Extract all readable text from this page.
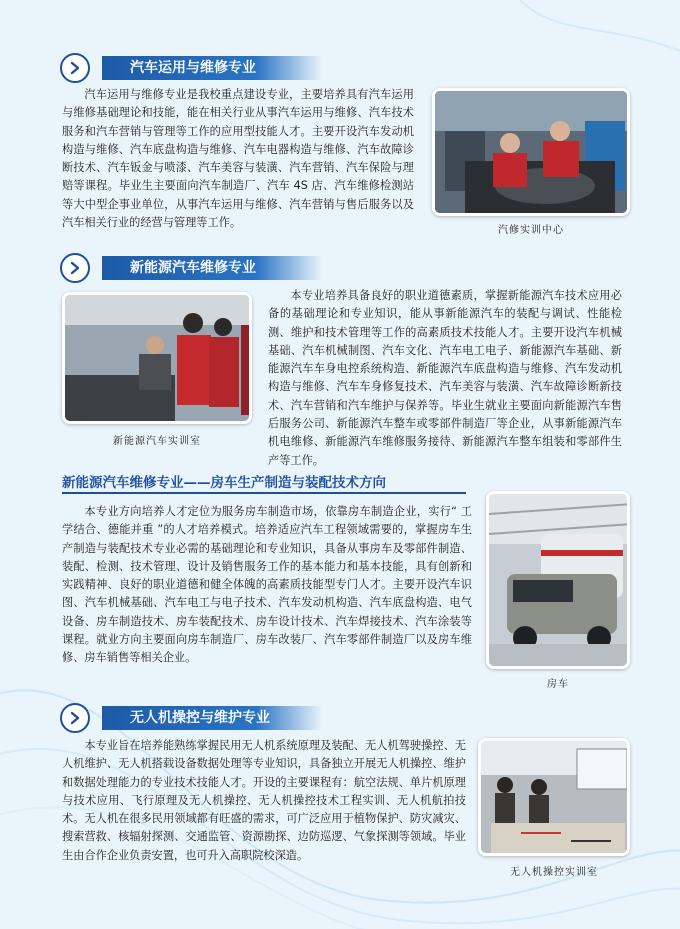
汽车运用与维修专业

汽车运用与维修专业是我校重点建设专业，主要培养具有汽车运用与维修基础理论和技能，能在相关行业从事汽车运用与维修、汽车技术服务和汽车营销与管理等工作的应用型技能人才。主要开设汽车发动机构造与维修、汽车底盘构造与维修、汽车电器构造与维修、汽车故障诊断技术、汽车钣金与喷漆、汽车美容与装潢、汽车营销、汽车保险与理赔等课程。毕业生主要面向汽车制造厂、汽车 4S 店、汽车维修检测站等大中型企事业单位，从事汽车运用与维修、汽车营销与售后服务以及汽车相关行业的经营与管理等工作。

汽修实训中心
新能源汽车维修专业
新能源汽车实训室

本专业培养具备良好的职业道德素质，掌握新能源汽车技术应用必备的基础理论和专业知识，能从事新能源汽车的装配与调试、性能检测、维护和技术管理等工作的高素质技术技能人才。主要开设汽车机械基础、汽车机械制图、汽车文化、汽车电工电子、新能源汽车基础、新能源汽车车身电控系统构造、新能源汽车底盘构造与维修、汽车发动机构造与维修、汽车车身修复技术、汽车美容与装潢、汽车故障诊断新技术、汽车营销和汽车维护与保养等。毕业生就业主要面向新能源汽车售后服务公司、新能源汽车整车或零部件制造厂等企业，从事新能源汽车机电维修、新能源汽车维修服务接待、新能源汽车整车组装和零部件生产等工作。

新能源汽车维修专业——房车生产制造与装配技术方向

本专业方向培养人才定位为服务房车制造市场，依靠房车制造企业，实行“ 工学结合、德能并重 ”的人才培养模式。培养适应汽车工程领域需要的，掌握房车生产制造与装配技术专业必需的基础理论和专业知识，具备从事房车及零部件制造、装配、检测、技术管理、设计及销售服务工作的基本能力和基本技能，具有创新和实践精神、良好的职业道德和健全体魄的高素质技能型专门人才。主要开设汽车识图、汽车机械基础、汽车电工与电子技术、汽车发动机构造、汽车底盘构造、电气设备、房车制造技术、房车装配技术、房车设计技术、汽车焊接技术、汽车涂装等课程。就业方向主要面向房车制造厂、房车改装厂、汽车零部件制造厂以及房车维修、房车销售等相关企业。

房车
无人机操控与维护专业

本专业旨在培养能熟练掌握民用无人机系统原理及装配、无人机驾驶操控、无人机维护、无人机搭载设备数据处理等专业知识，具备独立开展无人机操控、维护和数据处理能力的专业技术技能人才。开设的主要课程有：航空法规、单片机原理与技术应用、飞行原理及无人机操控、无人机操控技术工程实训、无人机航拍技术。无人机在很多民用领域都有旺盛的需求，可广泛应用于植物保护、防灾减灾、搜索营救、核辐射探测、交通监管、资源勘探、边防巡逻、气象探测等领域。毕业生由合作企业负责安置，也可升入高职院校深造。

无人机操控实训室
